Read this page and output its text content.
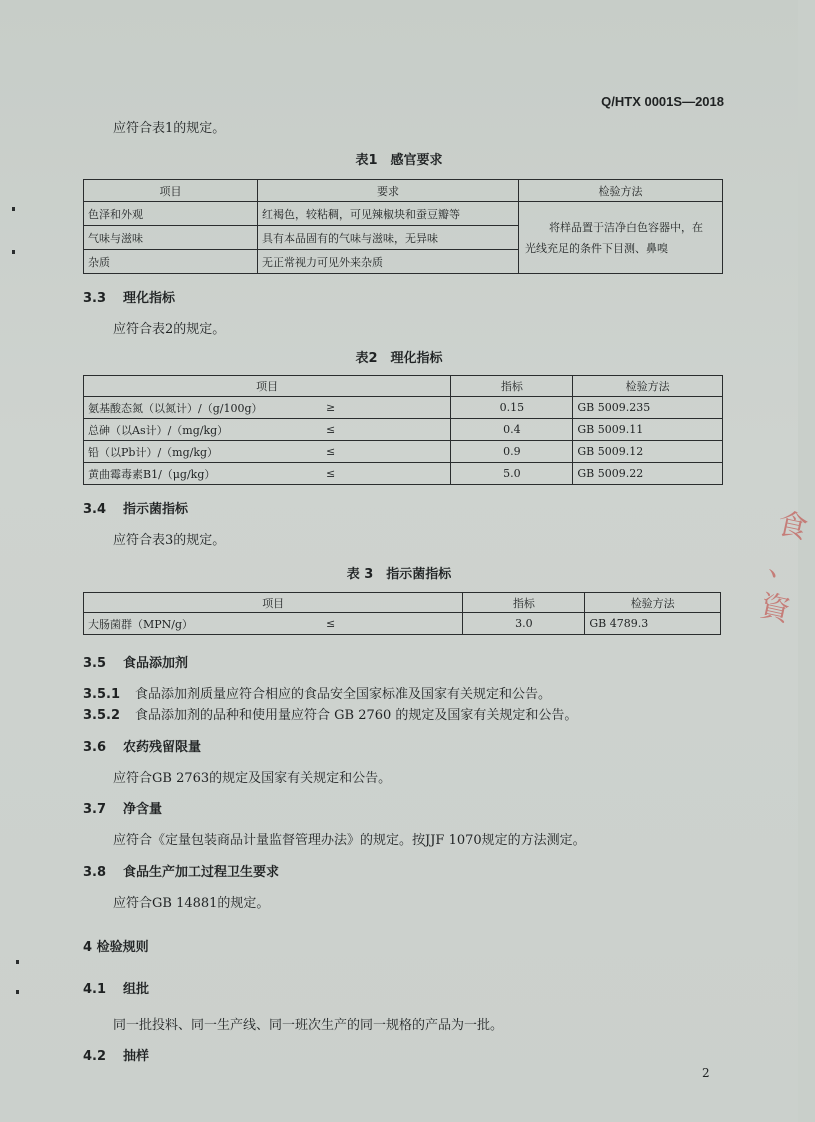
Q/HTX 0001S—2018
应符合表1的规定。
表1　感官要求
项目	要求	检验方法
色泽和外观	红褐色，较粘稠，可见辣椒块和蚕豆瓣等	将样品置于洁净白色容器中，在
光线充足的条件下目测、鼻嗅

气味与滋味	具有本品固有的气味与滋味，无异味	
杂质	无正常视力可见外来杂质	
3.3 理化指标
应符合表2的规定。
表2　理化指标
项目		指标	检验方法
氨基酸态氮（以氮计）/（g/100g）	≥	0.15	GB 5009.235
总砷（以As计）/（mg/kg）	≤	0.4	GB 5009.11
铅（以Pb计）/（mg/kg）	≤	0.9	GB 5009.12
黄曲霉毒素B1/（μg/kg）	≤	5.0	GB 5009.22
3.4 指示菌指标
应符合表3的规定。
表 3　指示菌指标
项目		指标	检验方法
大肠菌群（MPN/g）	≤	3.0	GB 4789.3
3.5 食品添加剂
3.5.1 食品添加剂质量应符合相应的食品安全国家标准及国家有关规定和公告。
3.5.2 食品添加剂的品种和使用量应符合 GB 2760 的规定及国家有关规定和公告。
3.6 农药残留限量
应符合GB 2763的规定及国家有关规定和公告。
3.7 净含量
应符合《定量包装商品计量监督管理办法》的规定。按JJF 1070规定的方法测定。
3.8 食品生产加工过程卫生要求
应符合GB 14881的规定。
4 检验规则
4.1 组批
同一批投料、同一生产线、同一班次生产的同一规格的产品为一批。
4.2 抽样
2
食
、
資
